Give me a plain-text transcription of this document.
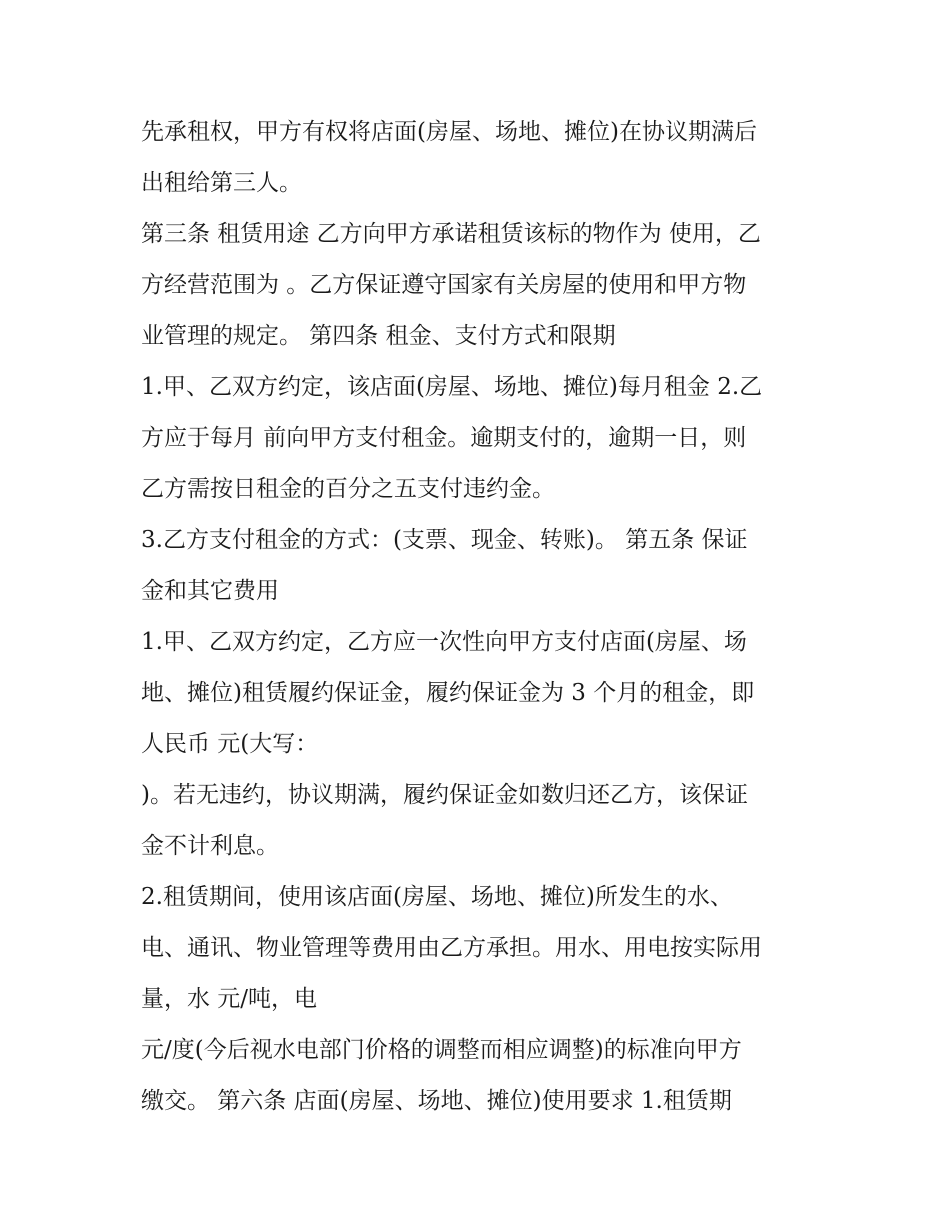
先承租权，甲方有权将店面(房屋、场地、摊位)在协议期满后
出租给第三人。
第三条 租赁用途 乙方向甲方承诺租赁该标的物作为 使用，乙
方经营范围为 。乙方保证遵守国家有关房屋的使用和甲方物
业管理的规定。 第四条 租金、支付方式和限期
1.甲、乙双方约定，该店面(房屋、场地、摊位)每月租金 2.乙
方应于每月 前向甲方支付租金。逾期支付的，逾期一日，则
乙方需按日租金的百分之五支付违约金。
3.乙方支付租金的方式：(支票、现金、转账)。 第五条 保证
金和其它费用
1.甲、乙双方约定，乙方应一次性向甲方支付店面(房屋、场
地、摊位)租赁履约保证金，履约保证金为 3 个月的租金，即
人民币 元(大写：
)。若无违约，协议期满，履约保证金如数归还乙方，该保证
金不计利息。
2.租赁期间，使用该店面(房屋、场地、摊位)所发生的水、
电、通讯、物业管理等费用由乙方承担。用水、用电按实际用
量，水 元/吨，电
元/度(今后视水电部门价格的调整而相应调整)的标准向甲方
缴交。 第六条 店面(房屋、场地、摊位)使用要求 1.租赁期
